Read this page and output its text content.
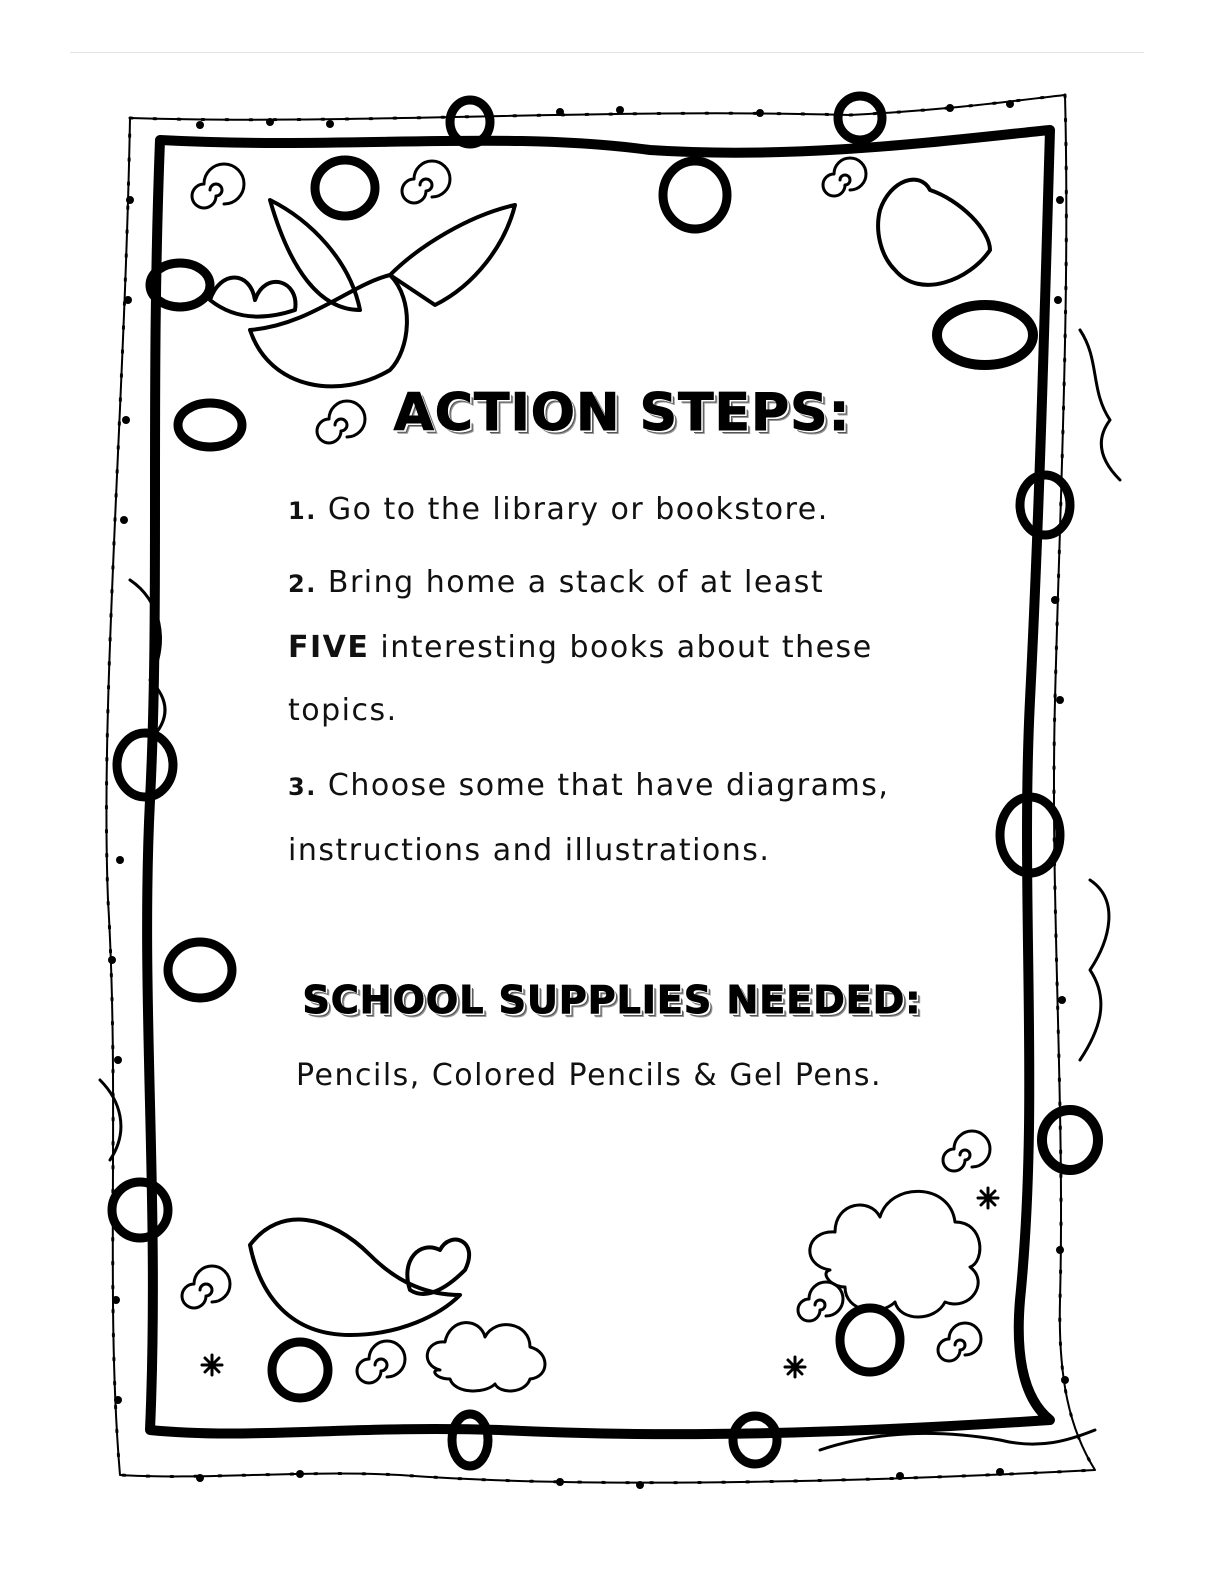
ACTION STEPS:
1. Go to the library or bookstore.
2. Bring home a stack of at least
FIVE interesting books about these topics.
3. Choose some that have diagrams, instructions and illustrations.
SCHOOL SUPPLIES NEEDED:
Pencils, Colored Pencils & Gel Pens.
